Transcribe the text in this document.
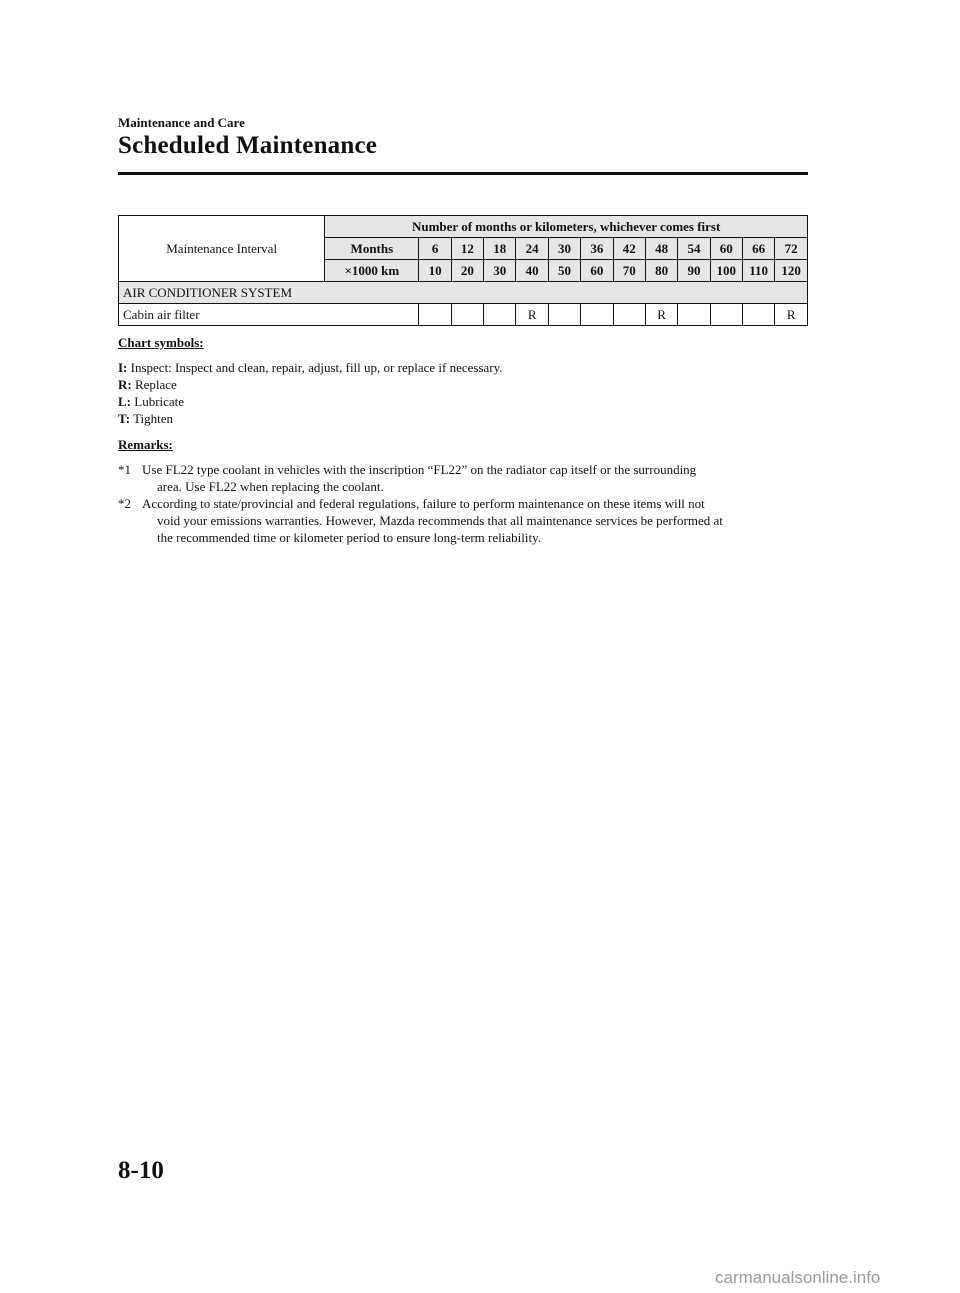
Maintenance and Care
Scheduled Maintenance
Maintenance Interval	Number of months or kilometers, whichever comes first												
	Months	6	12	18	24	30	36	42	48	54	60	66	72
	×1000 km	10	20	30	40	50	60	70	80	90	100	110	120
AIR CONDITIONER SYSTEM													
Cabin air filter					R				R				R
Chart symbols:
I: Inspect: Inspect and clean, repair, adjust, fill up, or replace if necessary.
R: Replace
L: Lubricate
T: Tighten
Remarks:
*1 Use FL22 type coolant in vehicles with the inscription “FL22” on the radiator cap itself or the surrounding
area. Use FL22 when replacing the coolant.
*2 According to state/provincial and federal regulations, failure to perform maintenance on these items will not
void your emissions warranties. However, Mazda recommends that all maintenance services be performed at
the recommended time or kilometer period to ensure long-term reliability.
8-10
carmanualsonline.info
